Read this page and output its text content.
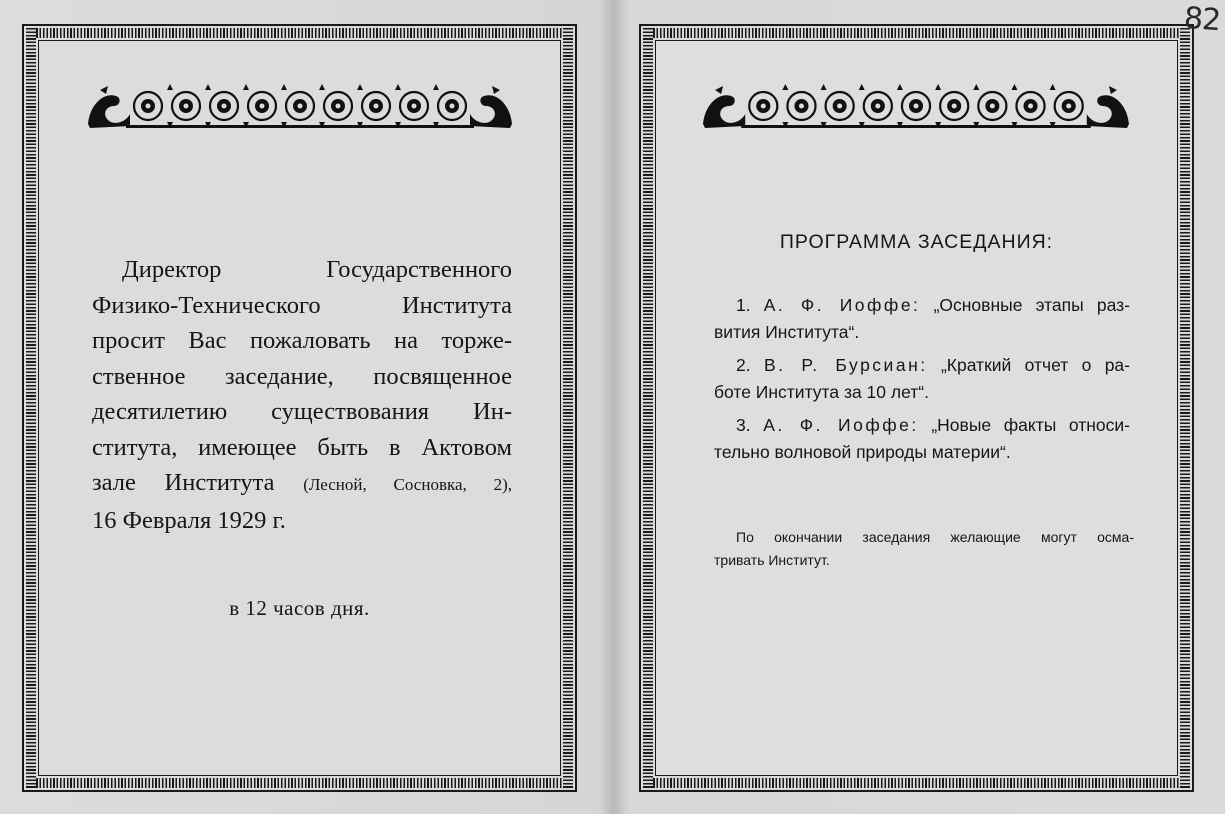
Директор Государственного
Физико-Технического Института
просит Вас пожаловать на торже-
ственное заседание, посвященное
десятилетию существования Ин-
ститута, имеющее быть в Актовом
зале Института (Лесной, Сосновка, 2),
16 Февраля 1929 г.
в 12 часов дня.
ПРОГРАММА ЗАСЕДАНИЯ:
1. А. Ф. Иоффе: „Основные этапы раз-
вития Института“.
2. В. Р. Бурсиан: „Краткий отчет о ра-
боте Института за 10 лет“.
3. А. Ф. Иоффе: „Новые факты относи-
тельно волновой природы материи“.
По окончании заседания желающие могут осма-
тривать Институт.
82
